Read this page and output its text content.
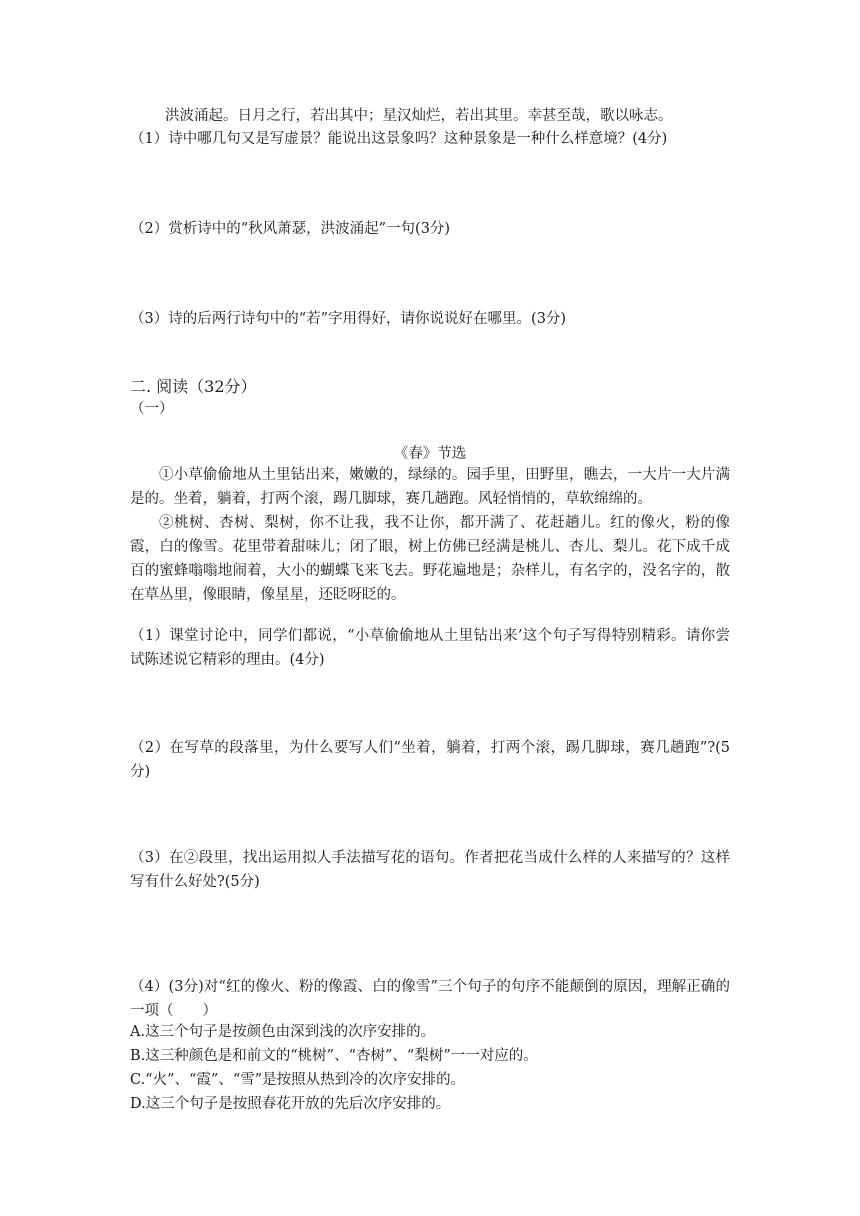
洪波涌起。日月之行，若出其中；星汉灿烂，若出其里。幸甚至哉，歌以咏志。
（1）诗中哪几句又是写虚景？能说出这景象吗？这种景象是一种什么样意境？(4分)
（2）赏析诗中的“秋风萧瑟，洪波涌起”一句(3分)
（3）诗的后两行诗句中的“若”字用得好，请你说说好在哪里。(3分)
二. 阅读（32分）
（一）
《春》节选
①小草偷偷地从土里钻出来，嫩嫩的，绿绿的。园手里，田野里，瞧去，一大片一大片满是的。坐着，躺着，打两个滚，踢几脚球，赛几趟跑。风轻悄悄的，草软绵绵的。
②桃树、杏树、梨树，你不让我，我不让你，都开满了、花赶趟儿。红的像火，粉的像霞，白的像雪。花里带着甜味儿；闭了眼，树上仿佛已经满是桃儿、杏儿、梨儿。花下成千成百的蜜蜂嗡嗡地闹着，大小的蝴蝶飞来飞去。野花遍地是；杂样儿，有名字的，没名字的，散在草丛里，像眼睛，像星星，还眨呀眨的。
（1）课堂讨论中，同学们都说，“小草偷偷地从土里钻出来’这个句子写得特别精彩。请你尝试陈述说它精彩的理由。(4分)
（2）在写草的段落里，为什么要写人们“坐着，躺着，打两个滚，踢几脚球，赛几趟跑”?(5分)
（3）在②段里，找出运用拟人手法描写花的语句。作者把花当成什么样的人来描写的？这样写有什么好处?(5分)
（4）(3分)对“红的像火、粉的像霞、白的像雪”三个句子的句序不能颠倒的原因，理解正确的一项（　　）
A.这三个句子是按颜色由深到浅的次序安排的。
B.这三种颜色是和前文的“桃树”、“杏树”、“梨树”一一对应的。
C.“火”、“霞”、“雪”是按照从热到冷的次序安排的。
D.这三个句子是按照春花开放的先后次序安排的。
